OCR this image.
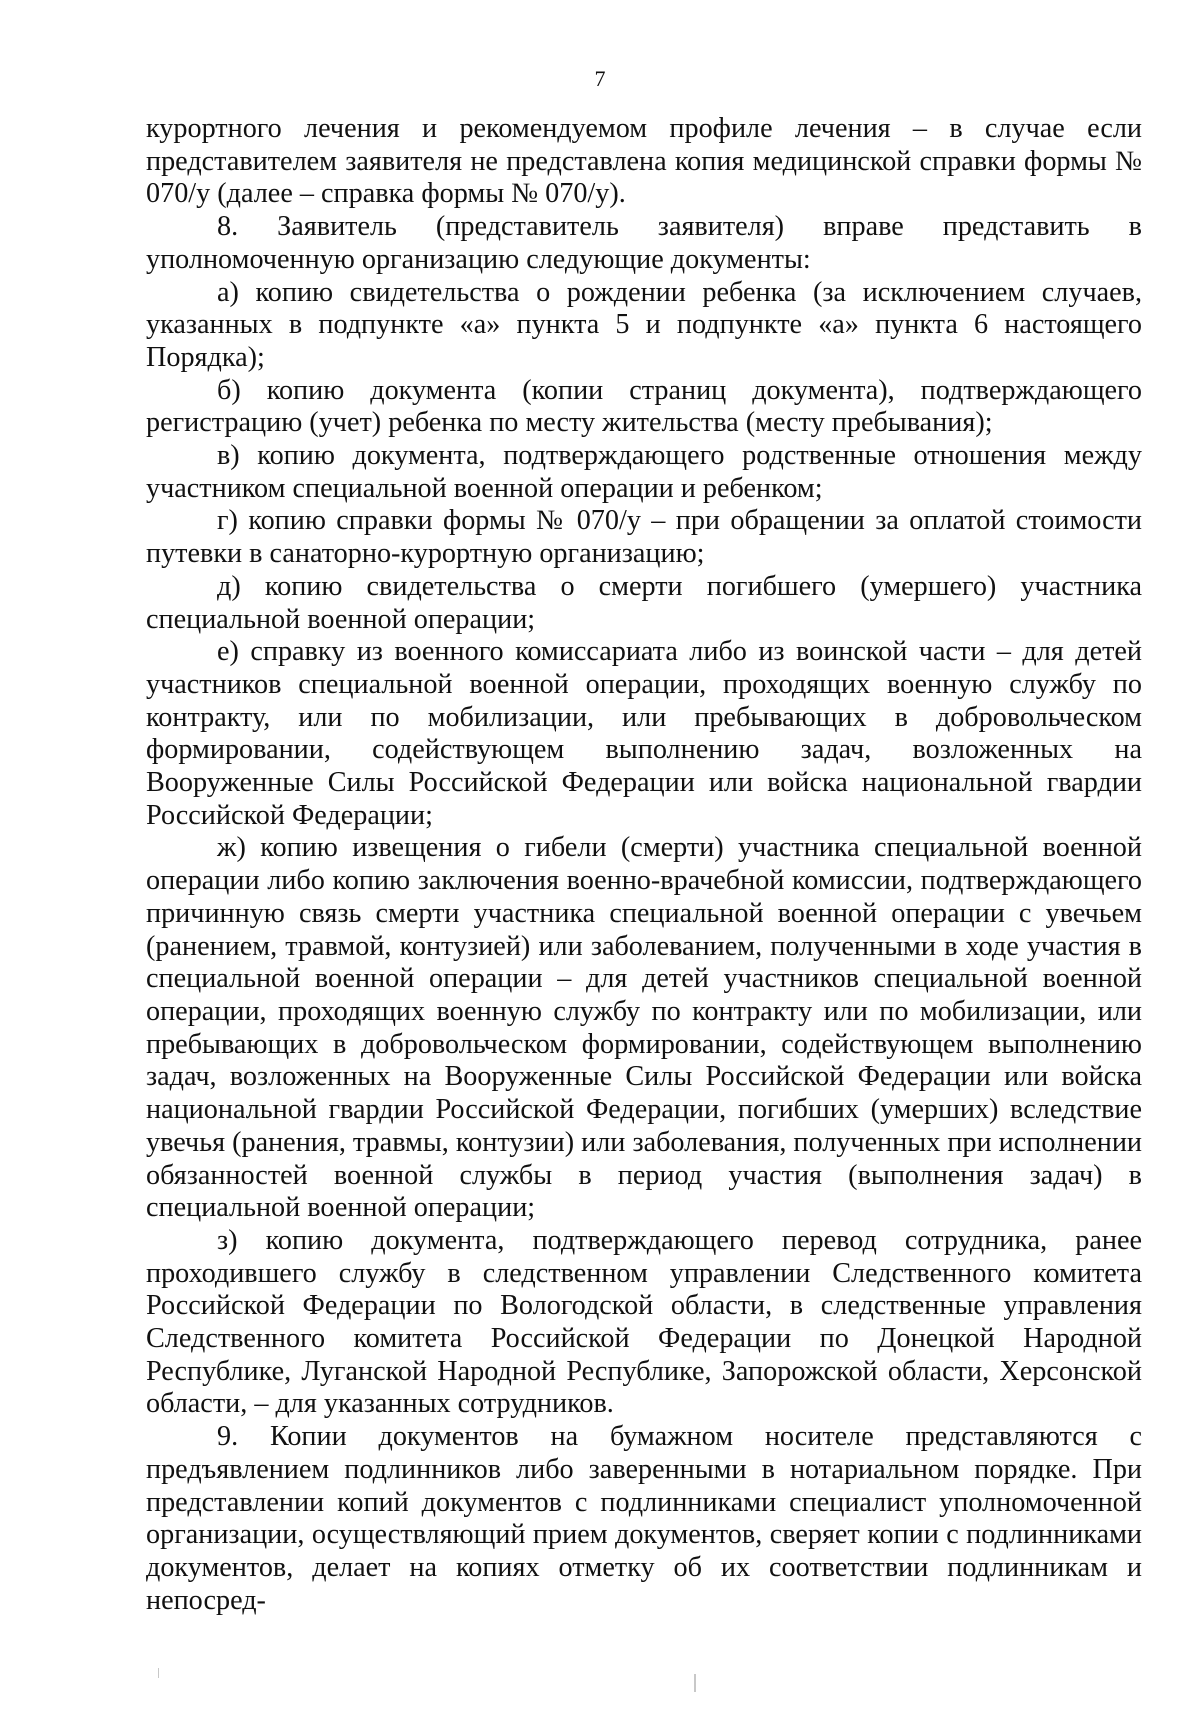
7

курортного лечения и рекомендуемом профиле лечения – в случае если представителем заявителя не представлена копия медицинской справки формы № 070/у (далее – справка формы № 070/у).

8. Заявитель (представитель заявителя) вправе представить в уполномоченную организацию следующие документы:

а) копию свидетельства о рождении ребенка (за исключением случаев, указанных в подпункте «а» пункта 5 и подпункте «а» пункта 6 настоящего Порядка);

б) копию документа (копии страниц документа), подтверждающего регистрацию (учет) ребенка по месту жительства (месту пребывания);

в) копию документа, подтверждающего родственные отношения между участником специальной военной операции и ребенком;

г) копию справки формы № 070/у – при обращении за оплатой стоимости путевки в санаторно-курортную организацию;

д) копию свидетельства о смерти погибшего (умершего) участника специальной военной операции;

е) справку из военного комиссариата либо из воинской части – для детей участников специальной военной операции, проходящих военную службу по контракту, или по мобилизации, или пребывающих в добровольческом формировании, содействующем выполнению задач, возложенных на Вооруженные Силы Российской Федерации или войска национальной гвардии Российской Федерации;

ж) копию извещения о гибели (смерти) участника специальной военной операции либо копию заключения военно-врачебной комиссии, подтверждающего причинную связь смерти участника специальной военной операции с увечьем (ранением, травмой, контузией) или заболеванием, полученными в ходе участия в специальной военной операции – для детей участников специальной военной операции, проходящих военную службу по контракту или по мобилизации, или пребывающих в добровольческом формировании, содействующем выполнению задач, возложенных на Вооруженные Силы Российской Федерации или войска национальной гвардии Российской Федерации, погибших (умерших) вследствие увечья (ранения, травмы, контузии) или заболевания, полученных при исполнении обязанностей военной службы в период участия (выполнения задач) в специальной военной операции;

з) копию документа, подтверждающего перевод сотрудника, ранее проходившего службу в следственном управлении Следственного комитета Российской Федерации по Вологодской области, в следственные управления Следственного комитета Российской Федерации по Донецкой Народной Республике, Луганской Народной Республике, Запорожской области, Херсонской области, – для указанных сотрудников.

9. Копии документов на бумажном носителе представляются с предъявлением подлинников либо заверенными в нотариальном порядке. При представлении копий документов с подлинниками специалист уполномоченной организации, осуществляющий прием документов, сверяет копии с подлинниками документов, делает на копиях отметку об их соответствии подлинникам и непосред-
